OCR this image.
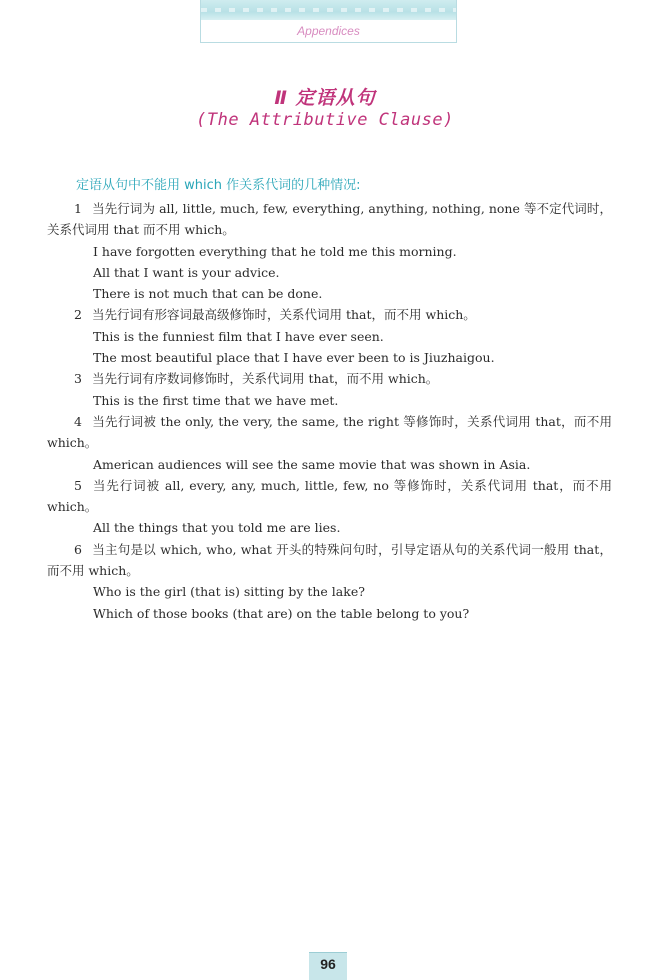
Appendices
Ⅱ 定语从句
(The Attributive Clause)
定语从句中不能用 which 作关系代词的几种情况:
1 当先行词为 all, little, much, few, everything, anything, nothing, none 等不定代词时，关系代词用 that 而不用 which。
I have forgotten everything that he told me this morning.
All that I want is your advice.
There is not much that can be done.
2 当先行词有形容词最高级修饰时，关系代词用 that，而不用 which。
This is the funniest film that I have ever seen.
The most beautiful place that I have ever been to is Jiuzhaigou.
3 当先行词有序数词修饰时，关系代词用 that，而不用 which。
This is the first time that we have met.
4 当先行词被 the only, the very, the same, the right 等修饰时，关系代词用 that，而不用 which。
American audiences will see the same movie that was shown in Asia.
5 当先行词被 all, every, any, much, little, few, no 等修饰时，关系代词用 that，而不用 which。
All the things that you told me are lies.
6 当主句是以 which, who, what 开头的特殊问句时，引导定语从句的关系代词一般用 that，而不用 which。
Who is the girl (that is) sitting by the lake?
Which of those books (that are) on the table belong to you?
96
